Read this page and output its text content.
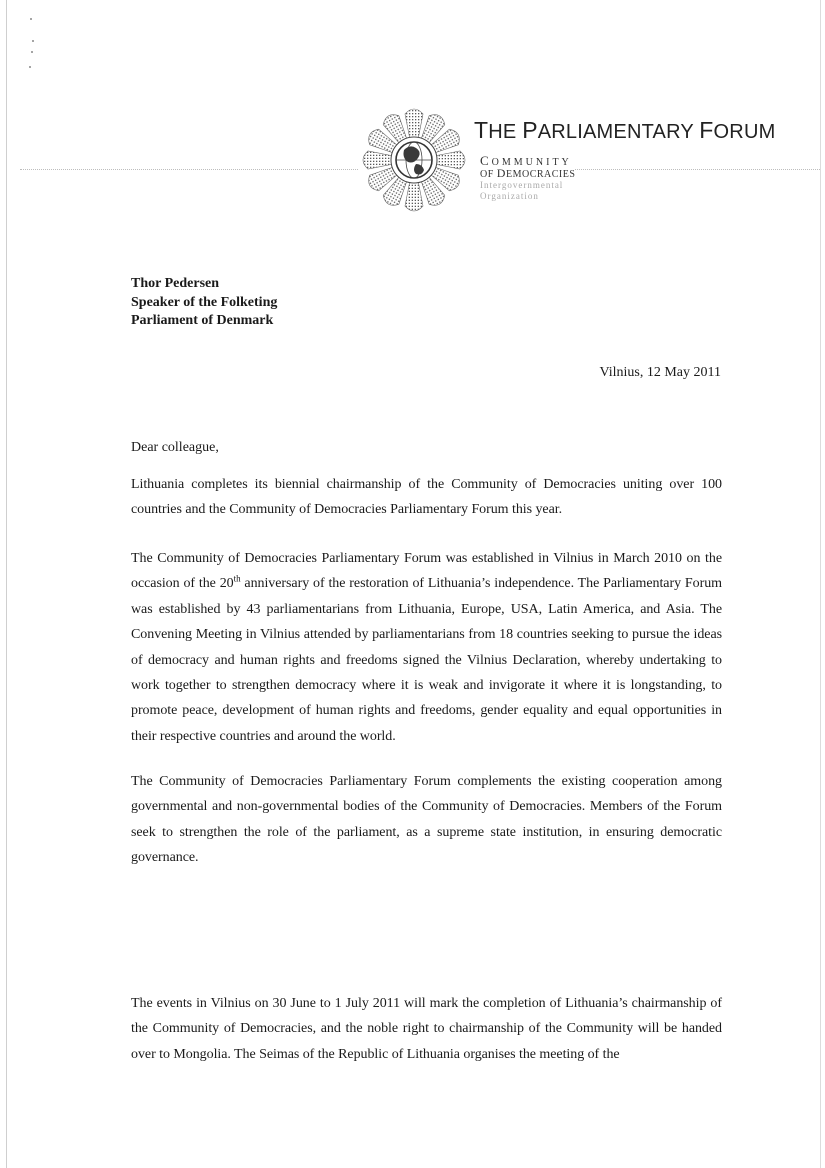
THE PARLIAMENTARY FORUM

COMMUNITY

OF DEMOCRACIES

Intergovernmental

Organization

Thor Pedersen
Speaker of the Folketing
Parliament of Denmark

Vilnius, 12 May 2011

Dear colleague,

Lithuania completes its biennial chairmanship of the Community of Democracies uniting over 100 countries and the Community of Democracies Parliamentary Forum this year.

The Community of Democracies Parliamentary Forum was established in Vilnius in March 2010 on the occasion of the 20th anniversary of the restoration of Lithuania’s independence. The Parliamentary Forum was established by 43 parliamentarians from Lithuania, Europe, USA, Latin America, and Asia. The Convening Meeting in Vilnius attended by parliamentarians from 18 countries seeking to pursue the ideas of democracy and human rights and freedoms signed the Vilnius Declaration, whereby undertaking to work together to strengthen democracy where it is weak and invigorate it where it is longstanding, to promote peace, development of human rights and freedoms, gender equality and equal opportunities in their respective countries and around the world.

The Community of Democracies Parliamentary Forum complements the existing cooperation among governmental and non-governmental bodies of the Community of Democracies. Members of the Forum seek to strengthen the role of the parliament, as a supreme state institution, in ensuring democratic governance.

The events in Vilnius on 30 June to 1 July 2011 will mark the completion of Lithuania’s chairmanship of the Community of Democracies, and the noble right to chairmanship of the Community will be handed over to Mongolia. The Seimas of the Republic of Lithuania organises the meeting of the
